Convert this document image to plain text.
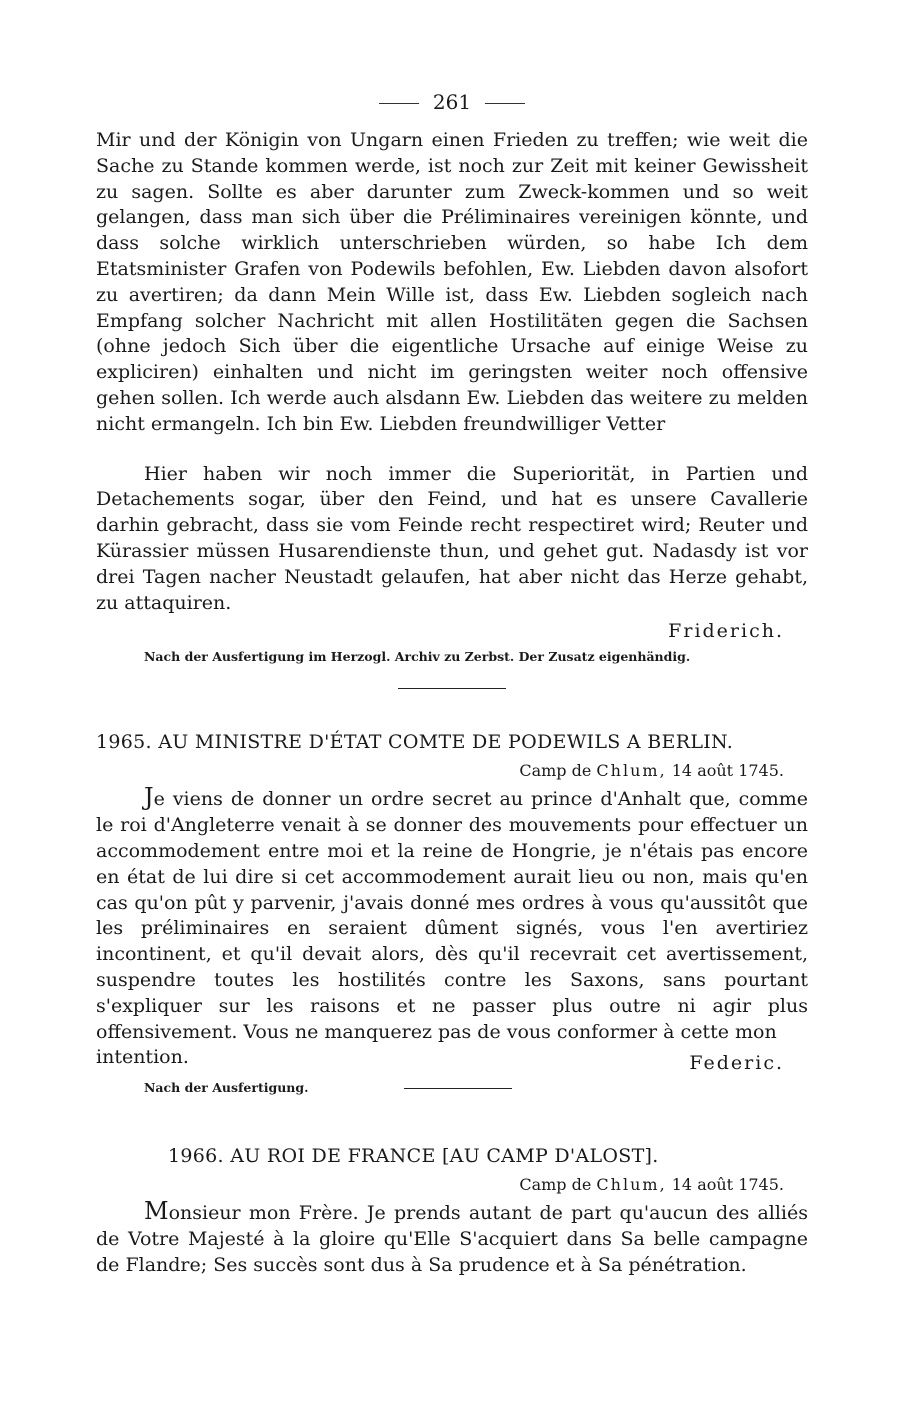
261

Mir und der Königin von Ungarn einen Frieden zu treffen; wie weit die Sache zu Stande kommen werde, ist noch zur Zeit mit keiner Gewissheit zu sagen. Sollte es aber darunter zum Zweck-kommen und so weit gelangen, dass man sich über die Préliminaires vereinigen könnte, und dass solche wirklich unterschrieben würden, so habe Ich dem Etatsminister Grafen von Podewils befohlen, Ew. Liebden davon alsofort zu avertiren; da dann Mein Wille ist, dass Ew. Liebden sogleich nach Empfang solcher Nachricht mit allen Hostilitäten gegen die Sachsen (ohne jedoch Sich über die eigentliche Ursache auf einige Weise zu expliciren) einhalten und nicht im geringsten weiter noch offensive gehen sollen. Ich werde auch alsdann Ew. Liebden das weitere zu melden nicht ermangeln. Ich bin Ew. Liebden freundwilliger Vetter

Hier haben wir noch immer die Superiorität, in Partien und Detachements sogar, über den Feind, und hat es unsere Cavallerie darhin gebracht, dass sie vom Feinde recht respectiret wird; Reuter und Kürassier müssen Husarendienste thun, und gehet gut. Nadasdy ist vor drei Tagen nacher Neustadt gelaufen, hat aber nicht das Herze gehabt, zu attaquiren.

Friderich.
Nach der Ausfertigung im Herzogl. Archiv zu Zerbst. Der Zusatz eigenhändig.
1965. AU MINISTRE D'ÉTAT COMTE DE PODEWILS A BERLIN.
Camp de Chlum, 14 août 1745.

Je viens de donner un ordre secret au prince d'Anhalt que, comme le roi d'Angleterre venait à se donner des mouvements pour effectuer un accommodement entre moi et la reine de Hongrie, je n'étais pas encore en état de lui dire si cet accommodement aurait lieu ou non, mais qu'en cas qu'on pût y parvenir, j'avais donné mes ordres à vous qu'aussitôt que les préliminaires en seraient dûment signés, vous l'en avertiriez incontinent, et qu'il devait alors, dès qu'il recevrait cet avertissement, suspendre toutes les hostilités contre les Saxons, sans pourtant s'expliquer sur les raisons et ne passer plus outre ni agir plus offensivement. Vous ne manquerez pas de vous conformer à cette mon

intention.	Federic.
Nach der Ausfertigung.
1966. AU ROI DE FRANCE [AU CAMP D'ALOST].
Camp de Chlum, 14 août 1745.

Monsieur mon Frère. Je prends autant de part qu'aucun des alliés de Votre Majesté à la gloire qu'Elle S'acquiert dans Sa belle campagne de Flandre; Ses succès sont dus à Sa prudence et à Sa pénétration.
